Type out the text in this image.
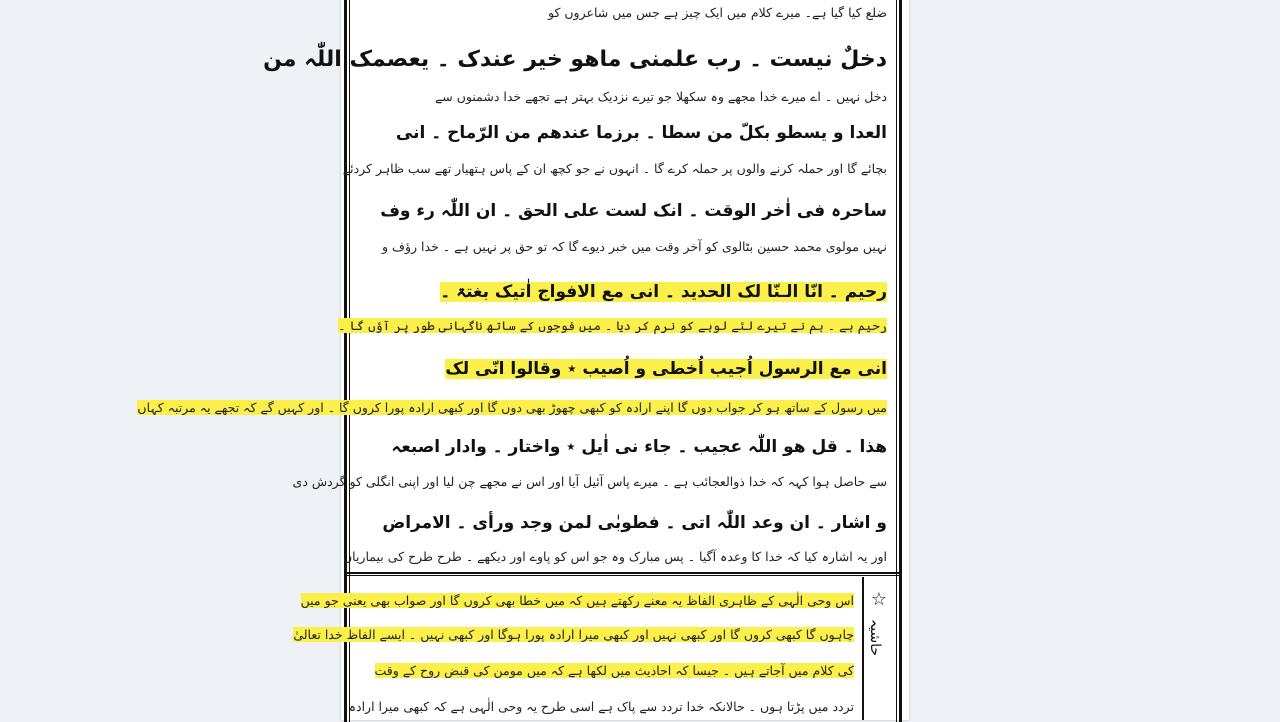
ضلع کیا گیا ہے۔ میرے کلام میں ایک چیز ہے جس میں شاعروں کو
دخلٌ نیست ۔ رب علمنی ماھو خیر عندک ۔ یعصمک اللّٰہ من
دخل نہیں ۔ اے میرے خدا مجھے وہ سکھلا جو تیرے نزدیک بہتر ہے تجھے خدا دشمنوں سے
العدا و یسطو بکلّ من سطا ۔ برزما عندھم من الرّماح ۔ انی
بچائے گا اور حملہ کرنے والوں پر حملہ کرے گا ۔ انہوں نے جو کچھ ان کے پاس ہتھیار تھے سب ظاہر کردئے
ساحرہ فی اٰخر الوقت ۔ انک لست علی الحق ۔ ان اللّٰہ رء وف
نہیں مولوی محمد حسین بٹالوی کو آخر وقت میں خبر دیوے گا کہ تو حق پر نہیں ہے ۔ خدا رؤف و
رحیم ۔ انّا الـنّا لک الحدید ۔ انی مع الافواج اٰتیک بغتۃ ۔
رحیم ہے ۔ ہم نے تیرے لئے لوہے کو نرم کر دیا ۔ میں فوجوں کے ساتھ ناگہانی طور پر آؤں گا ۔
انی مع الرسول اُجیب اُخطی و اُصیب ٭ وقالوا انّی لک
میں رسول کے ساتھ ہو کر جواب دوں گا اپنے ارادہ کو کبھی چھوڑ بھی دوں گا اور کبھی ارادہ پورا کروں گا ۔ اور کہیں گے کہ تجھے یہ مرتبہ کہاں
ھذا ۔ قل ھو اللّٰہ عجیب ۔ جاء نی اٰیل ٭ واختار ۔ وادار اصبعہ
سے حاصل ہوا کہہ کہ خدا ذوالعجائب ہے ۔ میرے پاس آئیل آیا اور اس نے مجھے چن لیا اور اپنی انگلی کو گردش دی
و اشار ۔ ان وعد اللّٰہ اتی ۔ فطوبٰی لمن وجد ورأی ۔ الامراض
اور یہ اشارہ کیا کہ خدا کا وعدہ آگیا ۔ پس مبارک وہ جو اس کو پاوے اور دیکھے ۔ طرح طرح کی بیماریاں
اس وحی الٰہی کے ظاہری الفاظ یہ معنے رکھتے ہیں کہ میں خطا بھی کروں گا اور صواب بھی یعنی جو میں
چاہوں گا کبھی کروں گا اور کبھی نہیں اور کبھی میرا ارادہ پورا ہوگا اور کبھی نہیں ۔ ایسے الفاظ خدا تعالیٰ
کی کلام میں آجاتے ہیں ۔ جیسا کہ احادیث میں لکھا ہے کہ میں مومن کی قبض روح کے وقت
تردد میں پڑتا ہوں ۔ حالانکہ خدا تردد سے پاک ہے اسی طرح یہ وحی الٰہی ہے کہ کبھی میرا ارادہ
☆
حاشیہ
